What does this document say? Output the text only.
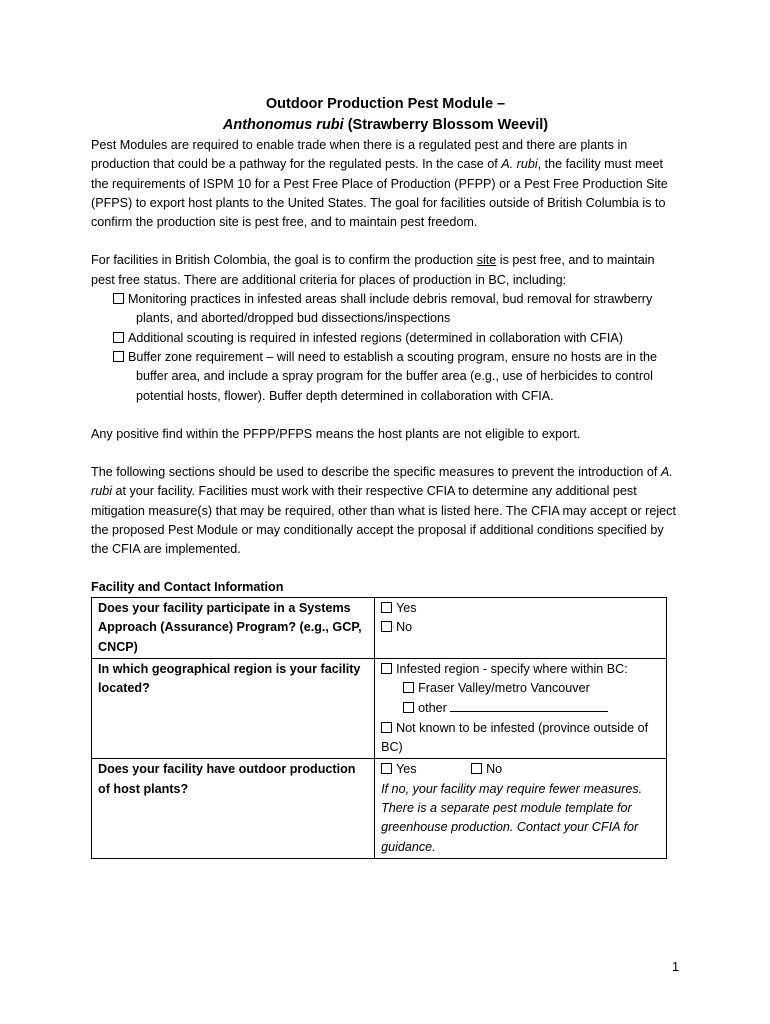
Outdoor Production Pest Module –
Anthonomus rubi (Strawberry Blossom Weevil)

Pest Modules are required to enable trade when there is a regulated pest and there are plants in production that could be a pathway for the regulated pests. In the case of A. rubi, the facility must meet the requirements of ISPM 10 for a Pest Free Place of Production (PFPP) or a Pest Free Production Site (PFPS) to export host plants to the United States. The goal for facilities outside of British Columbia is to confirm the production site is pest free, and to maintain pest freedom.

For facilities in British Colombia, the goal is to confirm the production site is pest free, and to maintain pest free status. There are additional criteria for places of production in BC, including:

Monitoring practices in infested areas shall include debris removal, bud removal for strawberry plants, and aborted/dropped bud dissections/inspections
Additional scouting is required in infested regions (determined in collaboration with CFIA)
Buffer zone requirement – will need to establish a scouting program, ensure no hosts are in the buffer area, and include a spray program for the buffer area (e.g., use of herbicides to control potential hosts, flower). Buffer depth determined in collaboration with CFIA.

Any positive find within the PFPP/PFPS means the host plants are not eligible to export.

The following sections should be used to describe the specific measures to prevent the introduction of A. rubi at your facility. Facilities must work with their respective CFIA to determine any additional pest mitigation measure(s) that may be required, other than what is listed here. The CFIA may accept or reject the proposed Pest Module or may conditionally accept the proposal if additional conditions specified by the CFIA are implemented.

Facility and Contact Information
Does your facility participate in a Systems Approach (Assurance) Program? (e.g., GCP, CNCP)	Yes
No

In which geographical region is your facility located?	Infested region - specify where within BC:
Fraser Valley/metro Vancouver
other
Not known to be infested (province outside of BC)

Does your facility have outdoor production of host plants?	Yes No
If no, your facility may require fewer measures. There is a separate pest module template for greenhouse production. Contact your CFIA for guidance.
1
